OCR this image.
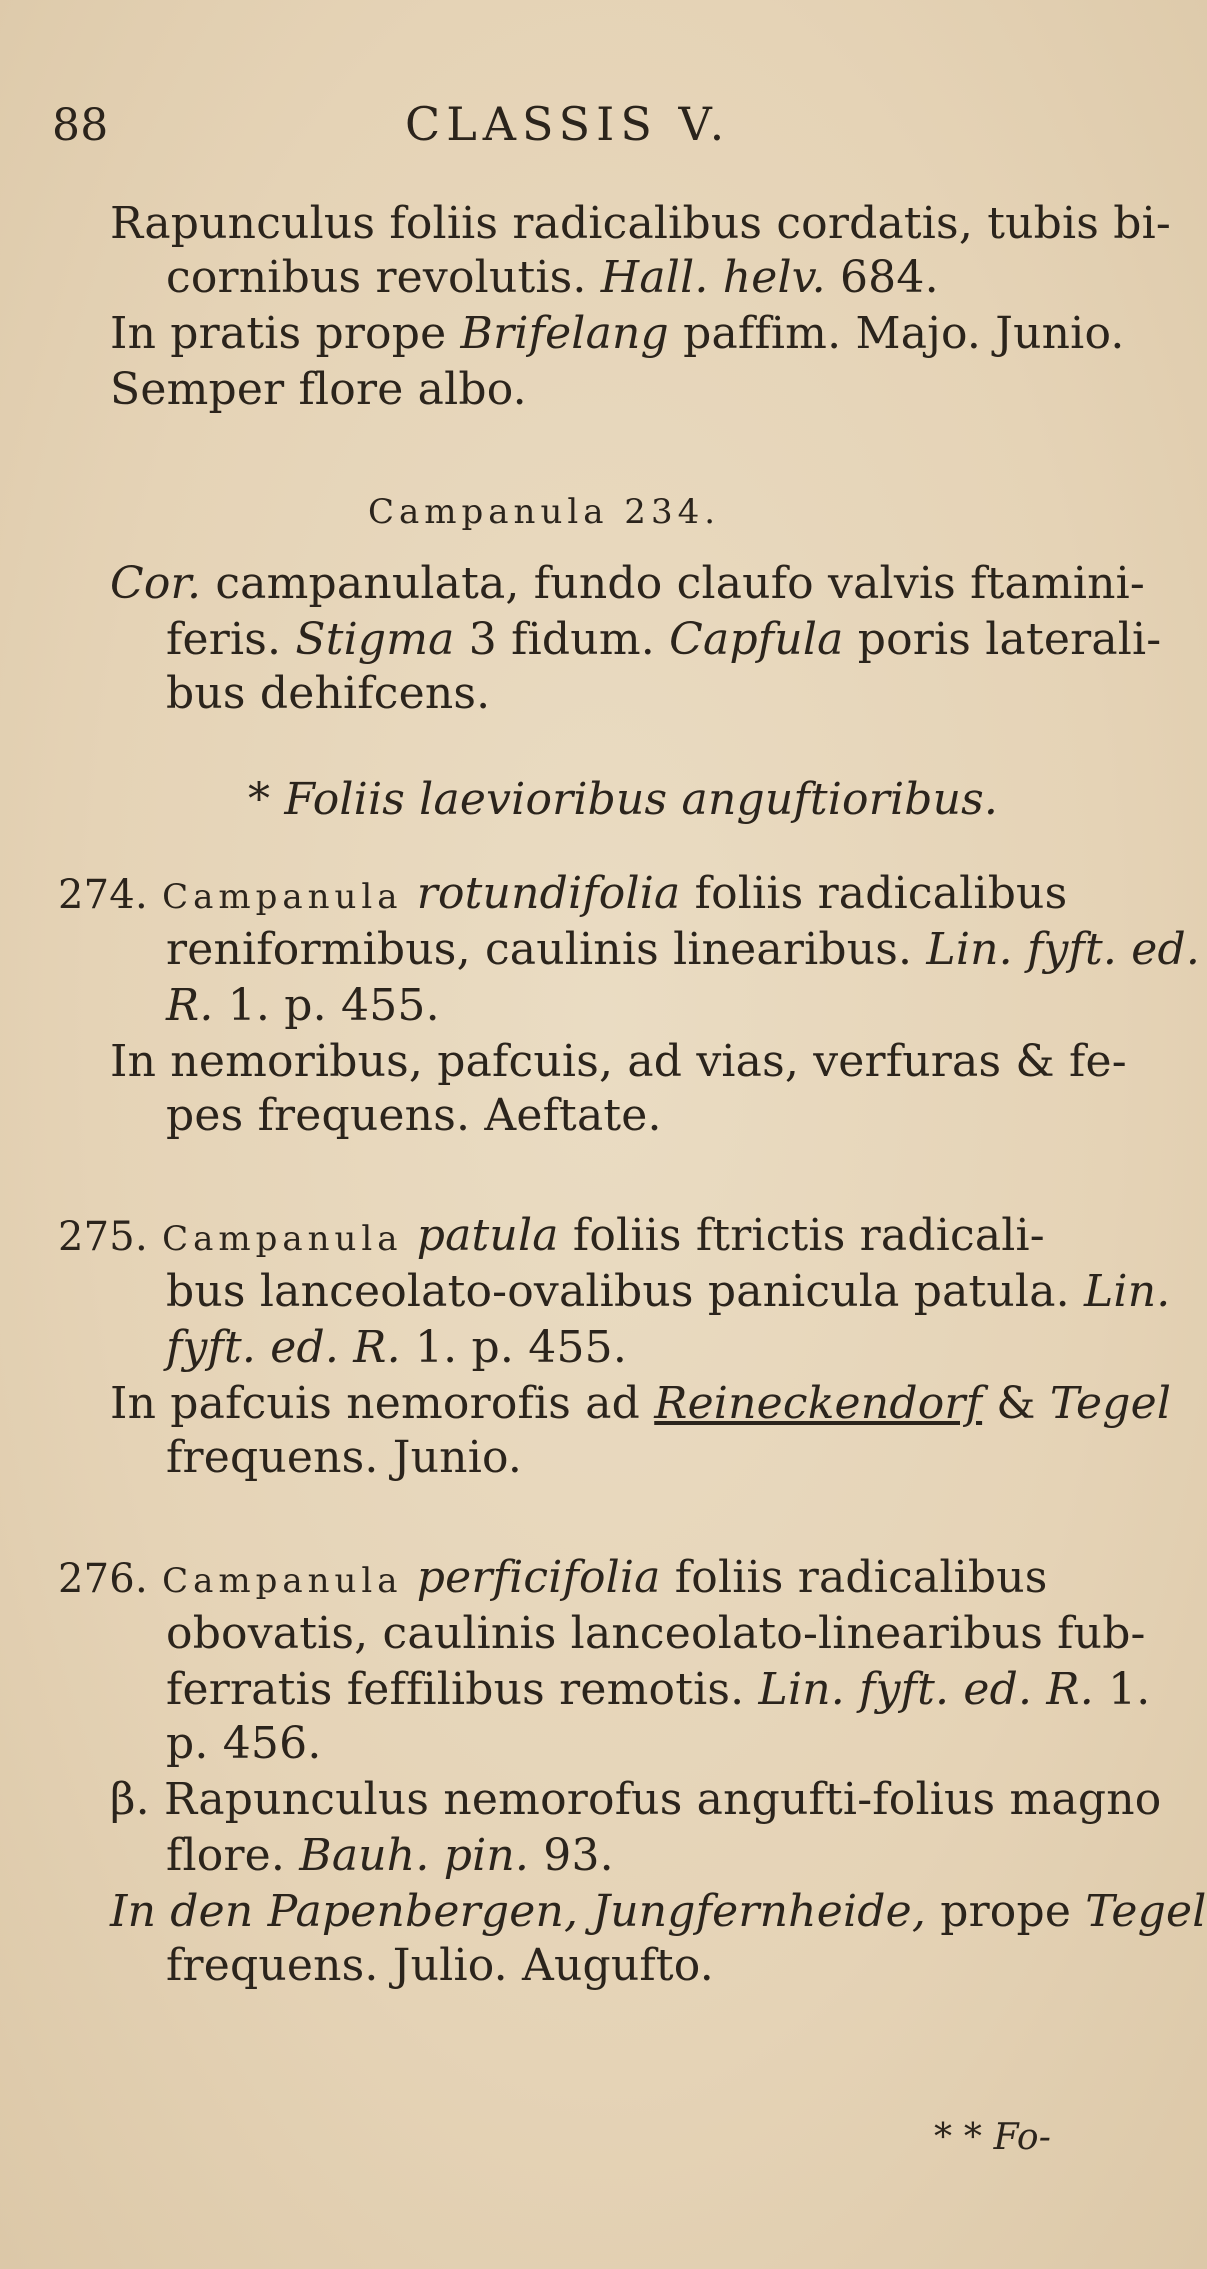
88	CLASSIS V.
Rapunculus foliis radicalibus cordatis, tubis bi-
cornibus revolutis. Hall. helv. 684.
In pratis prope Brifelang paffim. Majo. Junio.
Semper flore albo.
Campanula 234.
Cor. campanulata, fundo claufo valvis ftamini-
feris. Stigma 3 fidum. Capfula poris laterali-
bus dehifcens.
* Foliis laevioribus anguftioribus.
274. Campanula rotundifolia foliis radicalibus
reniformibus, caulinis linearibus. Lin. fyft. ed.
R. 1. p. 455.
In nemoribus, pafcuis, ad vias, verfuras & fe-
pes frequens. Aeftate.
275. Campanula patula foliis ftrictis radicali-
bus lanceolato-ovalibus panicula patula. Lin.
fyft. ed. R. 1. p. 455.
In pafcuis nemorofis ad Reineckendorf & Tegel
frequens. Junio.
276. Campanula perficifolia foliis radicalibus
obovatis, caulinis lanceolato-linearibus fub-
ferratis feffilibus remotis. Lin. fyft. ed. R. 1.
p. 456.
β. Rapunculus nemorofus angufti-folius magno
flore. Bauh. pin. 93.
In den Papenbergen, Jungfernheide, prope Tegel
frequens. Julio. Augufto.
* * Fo-
